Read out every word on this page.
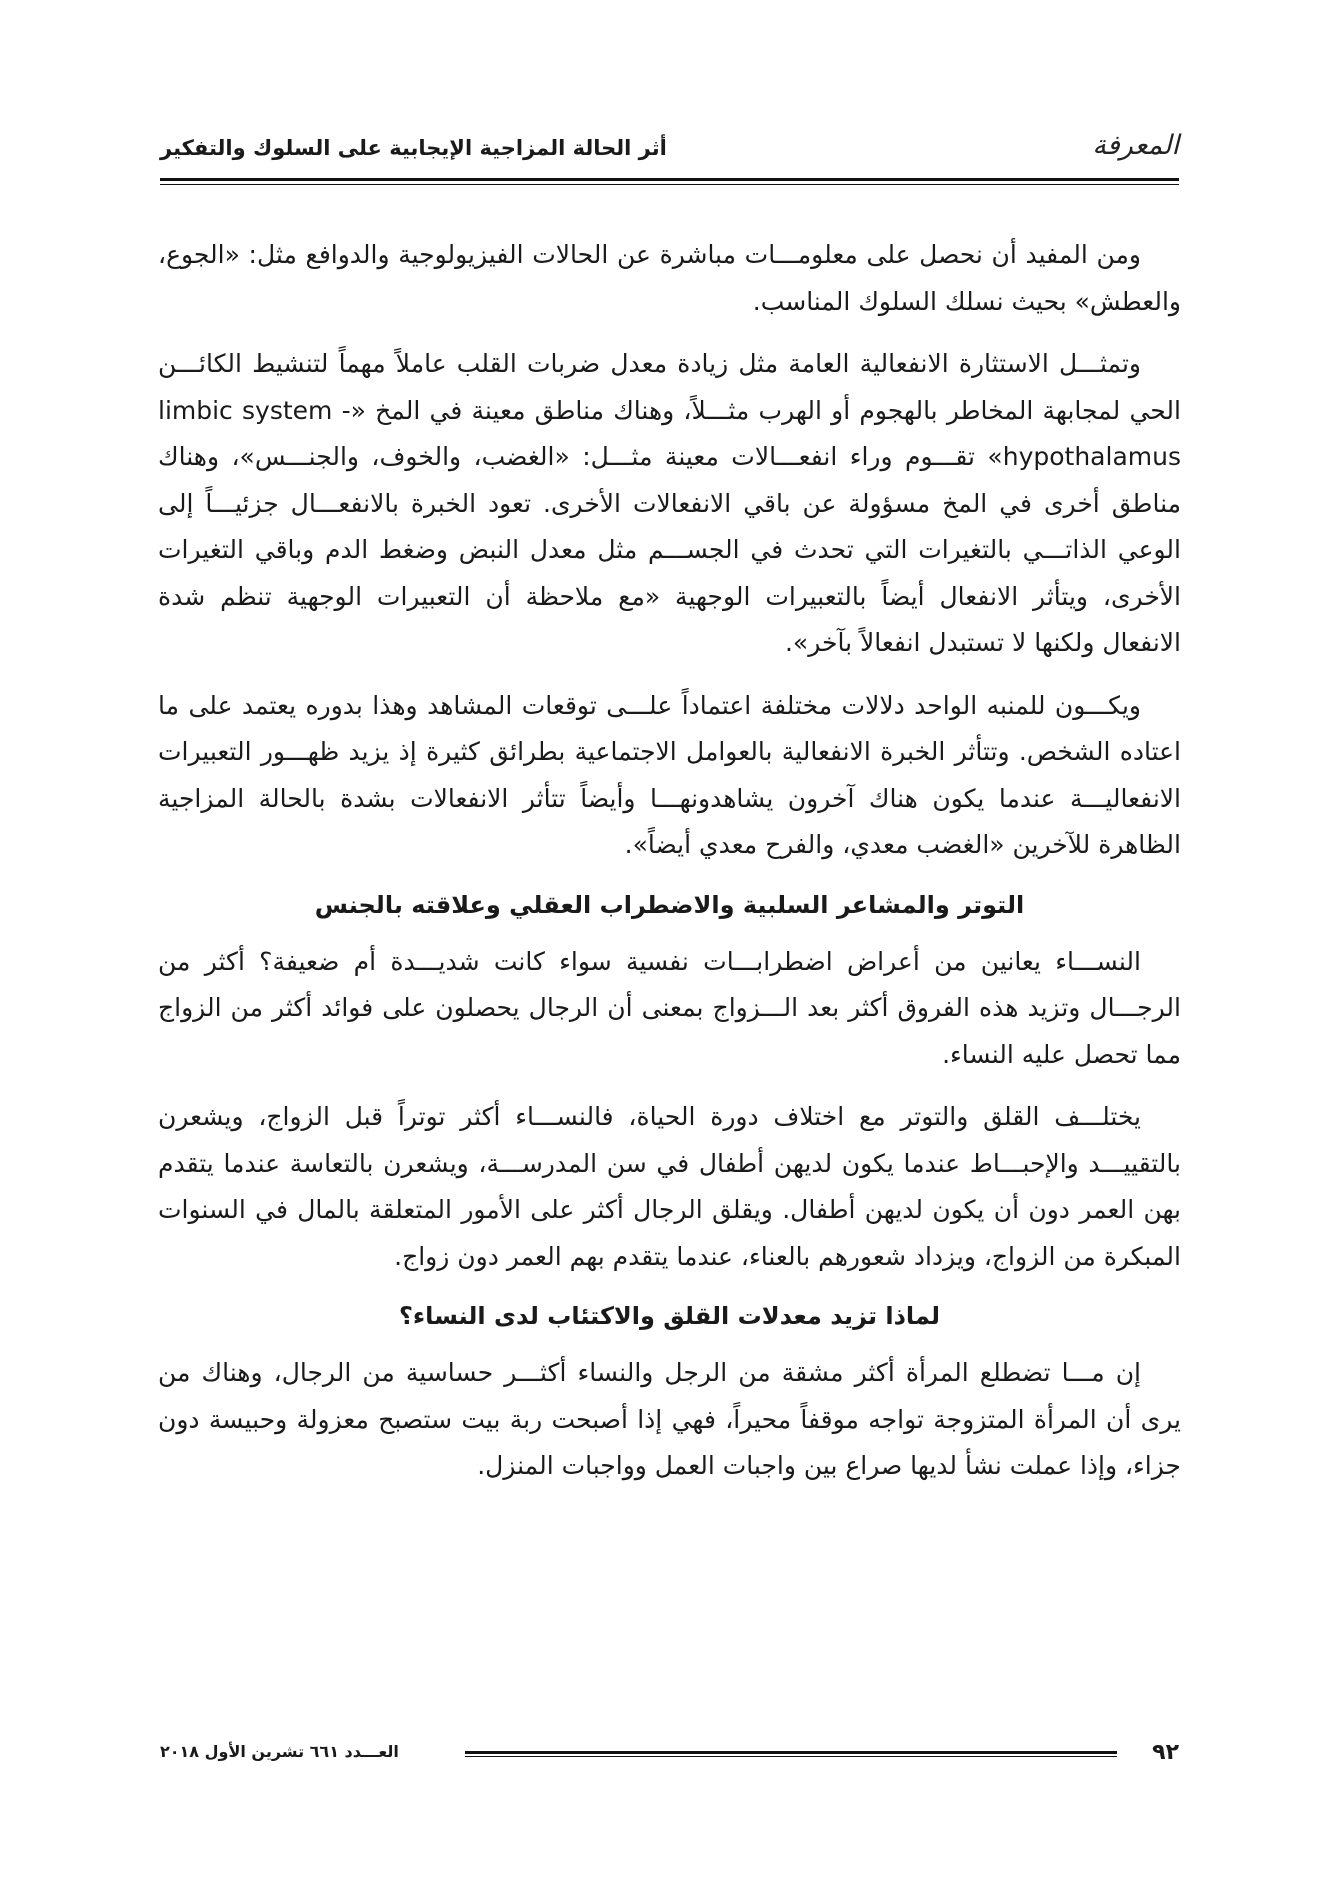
المعرفة
أثر الحالة المزاجية الإيجابية على السلوك والتفكير

ومن المفيد أن نحصل على معلومـــات مباشرة عن الحالات الفيزيولوجية والدوافع مثل: «الجوع، والعطش» بحيث نسلك السلوك المناسب.

وتمثـــل الاستثارة الانفعالية العامة مثل زيادة معدل ضربات القلب عاملاً مهماً لتنشيط الكائـــن الحي لمجابهة المخاطر بالهجوم أو الهرب مثـــلاً، وهناك مناطق معينة في المخ «limbic system - hypothalamus» تقـــوم وراء انفعـــالات معينة مثـــل: «الغضب، والخوف، والجنـــس»، وهناك مناطق أخرى في المخ مسؤولة عن باقي الانفعالات الأخرى. تعود الخبرة بالانفعـــال جزئيـــاً إلى الوعي الذاتـــي بالتغيرات التي تحدث في الجســـم مثل معدل النبض وضغط الدم وباقي التغيرات الأخرى، ويتأثر الانفعال أيضاً بالتعبيرات الوجهية «مع ملاحظة أن التعبيرات الوجهية تنظم شدة الانفعال ولكنها لا تستبدل انفعالاً بآخر».

ويكـــون للمنبه الواحد دلالات مختلفة اعتماداً علـــى توقعات المشاهد وهذا بدوره يعتمد على ما اعتاده الشخص. وتتأثر الخبرة الانفعالية بالعوامل الاجتماعية بطرائق كثيرة إذ يزيد ظهـــور التعبيرات الانفعاليـــة عندما يكون هناك آخرون يشاهدونهـــا وأيضاً تتأثر الانفعالات بشدة بالحالة المزاجية الظاهرة للآخرين «الغضب معدي، والفرح معدي أيضاً».

التوتر والمشاعر السلبية والاضطراب العقلي وعلاقته بالجنس

النســـاء يعانين من أعراض اضطرابـــات نفسية سواء كانت شديـــدة أم ضعيفة؟ أكثر من الرجـــال وتزيد هذه الفروق أكثر بعد الـــزواج بمعنى أن الرجال يحصلون على فوائد أكثر من الزواج مما تحصل عليه النساء.

يختلـــف القلق والتوتر مع اختلاف دورة الحياة، فالنســـاء أكثر توتراً قبل الزواج، ويشعرن بالتقييـــد والإحبـــاط عندما يكون لديهن أطفال في سن المدرســـة، ويشعرن بالتعاسة عندما يتقدم بهن العمر دون أن يكون لديهن أطفال. ويقلق الرجال أكثر على الأمور المتعلقة بالمال في السنوات المبكرة من الزواج، ويزداد شعورهم بالعناء، عندما يتقدم بهم العمر دون زواج.

لماذا تزيد معدلات القلق والاكتئاب لدى النساء؟

إن مـــا تضطلع المرأة أكثر مشقة من الرجل والنساء أكثـــر حساسية من الرجال، وهناك من يرى أن المرأة المتزوجة تواجه موقفاً محيراً، فهي إذا أصبحت ربة بيت ستصبح معزولة وحبيسة دون جزاء، وإذا عملت نشأ لديها صراع بين واجبات العمل وواجبات المنزل.

٩٢
العـــدد ٦٦١ تشرين الأول ٢٠١٨
